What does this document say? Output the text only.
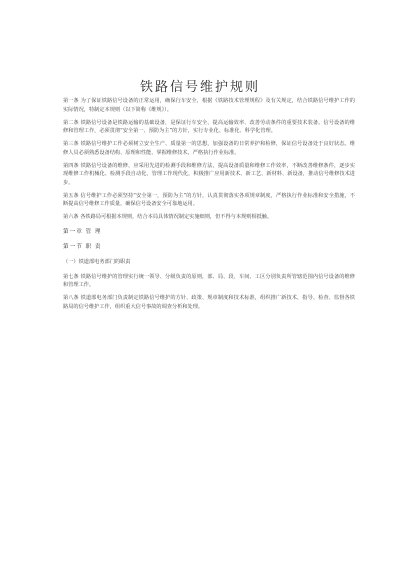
铁路信号维护规则

第一条 为了保证铁路信号设备的正常运用，确保行车安全，根据《铁路技术管理规程》及有关规定，结合铁路信号维护工作的实际情况，特制定本规则（以下简称《维规》）。

第二条 铁路信号设备是铁路运输的基础设备，是保证行车安全、提高运输效率、改善劳动条件的重要技术装备。信号设备的维修和管理工作，必须贯彻“安全第一、预防为主”的方针，实行专业化、标准化、科学化管理。

第三条 铁路信号维护工作必须树立安全生产、质量第一的思想，加强设备的日常养护和检修，保证信号设备处于良好状态。维修人员必须熟悉设备结构、原理和性能，掌握维修技术，严格执行作业标准。

第四条 铁路信号设备的维修，应采用先进的检测手段和维修方法，提高设备质量和维修工作效率，不断改善维修条件，逐步实现维修工作机械化、检测手段自动化、管理工作现代化，积极推广应用新技术、新工艺、新材料、新设备，推动信号维修技术进步。

第五条 信号维护工作必须坚持“安全第一，预防为主”的方针，认真贯彻落实各项规章制度，严格执行作业标准和安全措施，不断提高信号维修工作质量，确保信号设备安全可靠地运用。

第六条 各铁路局可根据本规则，结合本局具体情况制定实施细则，但不得与本规则相抵触。

第一章 管 理
第一节 职 责
（一）铁道部电务部门的职责

第七条 铁路信号维护的管理实行统一领导、分级负责的原则，部、局、段、车间、工区分别负责所管辖范围内信号设备的维修和管理工作。

第八条 铁道部电务部门负责制定铁路信号维护的方针、政策、规章制度和技术标准，组织推广新技术，指导、检查、监督各铁路局的信号维护工作，组织重大信号事故的调查分析和处理。
